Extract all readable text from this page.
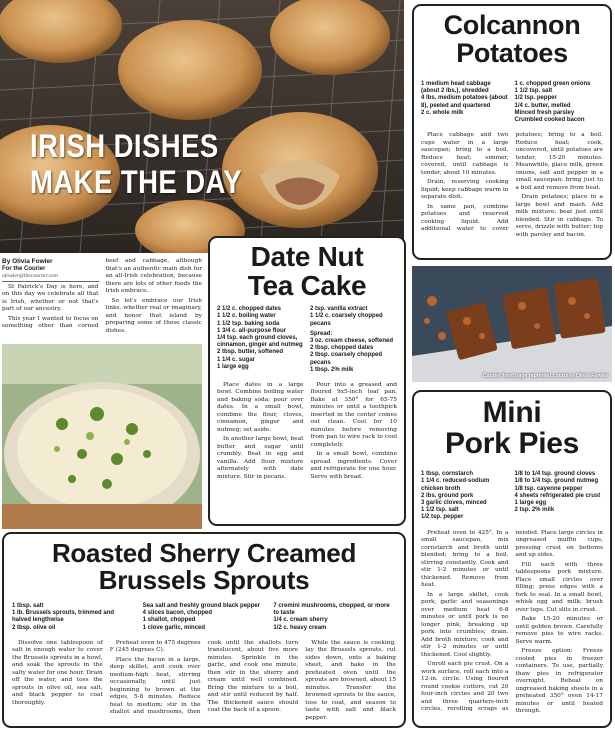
IRISH DISHES
MAKE THE DAY
By Olivia Fowler
For the Courier
ofowler@thecourier.com

St Patrick's Day is here, and on this day we celebrate all that is Irish, whether or not that's part of our ancestry.

This year I wanted to focus on something other than corned beef and cabbage, although that's an authentic main dish for an all-Irish celebration, because there are lots of other foods the Irish embrace.

So let's embrace our Irish links, whether real or imaginary, and honor that island by preparing some of these classic dishes.

Date Nut
Tea Cake
2 1/2 c. chopped dates
1 1/2 c. boiling water
1 1/2 tsp. baking soda
1 3/4 c. all-purpose flour
1/4 tsp. each ground cloves, cinnamon, ginger and nutmeg
2 tbsp. butter, softened
1 1/4 c. sugar
1 large egg
2 tsp. vanilla extract
1 1/2 c. coarsely chopped pecans
Spread:
3 oz. cream cheese, softened
2 tbsp. chopped dates
2 tbsp. coarsely chopped pecans
1 tbsp. 2% milk

Place dates in a large bowl. Combine boiling water and baking soda; pour over dates. In a small bowl, combine the flour, cloves, cinnamon, ginger and nutmeg; set aside.

In another large bowl, beat butter and sugar until crumbly. Beat in egg and vanilla. Add flour mixture alternately with date mixture. Stir in pecans.

Pour into a greased and floured 9x5-inch loaf pan. Bake at 350° for 65-75 minutes or until a toothpick inserted in the center comes out clean. Cool for 10 minutes before removing from pan to wire rack to cool completely.

In a small bowl, combine spread ingredients. Cover and refrigerate for one hour. Serve with bread.

Colcannon
Potatoes
1 medium head cabbage (about 2 lbs.), shredded
4 lbs. medium potatoes (about 8), peeled and quartered
2 c. whole milk
1 c. chopped green onions
1 1/2 tsp. salt
1/2 tsp. pepper
1/4 c. butter, melted
Minced fresh parsley
Crumbled cooked bacon

Place cabbage and two cups water in a large saucepan; bring to a boil. Reduce heat; simmer, covered, until cabbage is tender, about 10 minutes.

Drain, reserving cooking liquid; keep cabbage warm in separate dish.

In same pan, combine potatoes and reserved cooking liquid. Add additional water to cover potatoes; bring to a boil. Reduce heat; cook, uncovered, until potatoes are tender, 15-20 minutes. Meanwhile, place milk, green onions, salt and pepper in a small saucepan; bring just to a boil and remove from heat.

Drain potatoes; place in a large bowl and mash. Add milk mixture; beat just until blended. Stir in cabbage. To serve, drizzle with butter; top with parsley and bacon.

Courier food page reprinted courtesy Olivia Fowler
Mini
Pork Pies
1 tbsp. cornstarch
1 1/4 c. reduced-sodium chicken broth
2 lbs. ground pork
3 garlic cloves, minced
1 1/2 tsp. salt
1/2 tsp. pepper
1/8 to 1/4 tsp. ground cloves
1/8 to 1/4 tsp. ground nutmeg
1/8 tsp. cayenne pepper
4 sheets refrigerated pie crust
1 large egg
2 tsp. 2% milk

Preheat oven to 425°. In a small saucepan, mix cornstarch and broth until blended; bring to a boil, stirring constantly. Cook and stir 1-2 minutes or until thickened. Remove from heat.

In a large skillet, cook pork, garlic and seasonings over medium heat 6-8 minutes or until pork is no longer pink, breaking up pork into crumbles; drain. Add broth mixture; cook and stir 1-2 minutes or until thickened. Cool slightly.

Unroll each pie crust. On a work surface, roll each into a 12-in. circle. Using floured round cookie cutters, cut 20 four-inch circles and 20 two and three quarters-inch circles, rerolling scraps as needed. Place large circles in ungreased muffin cups, pressing crust on bottoms and up sides.

Fill each with three tablespoons pork mixture. Place small circles over filling; press edges with a fork to seal. In a small bowl, whisk egg and milk; brush over tops. Cut slits in crust.

Bake 15-20 minutes or until golden brown. Carefully remove pies to wire racks. Serve warm.

Freeze option: Freeze cooled pies in freezer containers. To use, partially thaw pies in refrigerator overnight. Reheat on ungreased baking sheets in a preheated 350° oven 14-17 minutes or until heated through.

Roasted Sherry Creamed
Brussels Sprouts
1 tbsp. salt
1 lb. Brussels sprouts, trimmed and halved lengthwise
2 tbsp. olive oil
Sea salt and freshly ground black pepper
4 slices bacon, chopped
1 shallot, chopped
1 clove garlic, minced
7 cremini mushrooms, chopped, or more to taste
1/4 c. cream sherry
1/2 c. heavy cream

Dissolve one tablespoon of salt in enough water to cover the Brussels sprouts in a bowl, and soak the sprouts in the salty water for one hour. Drain off the water, and toss the sprouts in olive oil, sea salt, and black pepper to coat thoroughly.

Preheat oven to 475 degrees F (245 degrees C).

Place the bacon in a large, deep skillet, and cook over medium-high heat, stirring occasionally, until just beginning to brown at the edges, 5-8 minutes. Reduce heat to medium; stir in the shallot and mushrooms, then cook until the shallots turn translucent, about five more minutes. Sprinkle in the garlic, and cook one minute, then stir in the sherry and cream until well combined. Bring the mixture to a boil, and stir until reduced by half. The thickened sauce should coat the back of a spoon.

While the sauce is cooking, lay the Brussels sprouts, cut sides down, onto a baking sheet, and bake in the preheated oven until the sprouts are browned, about 15 minutes. Transfer the browned sprouts to the sauce, toss to coat, and season to taste with salt and black pepper.
